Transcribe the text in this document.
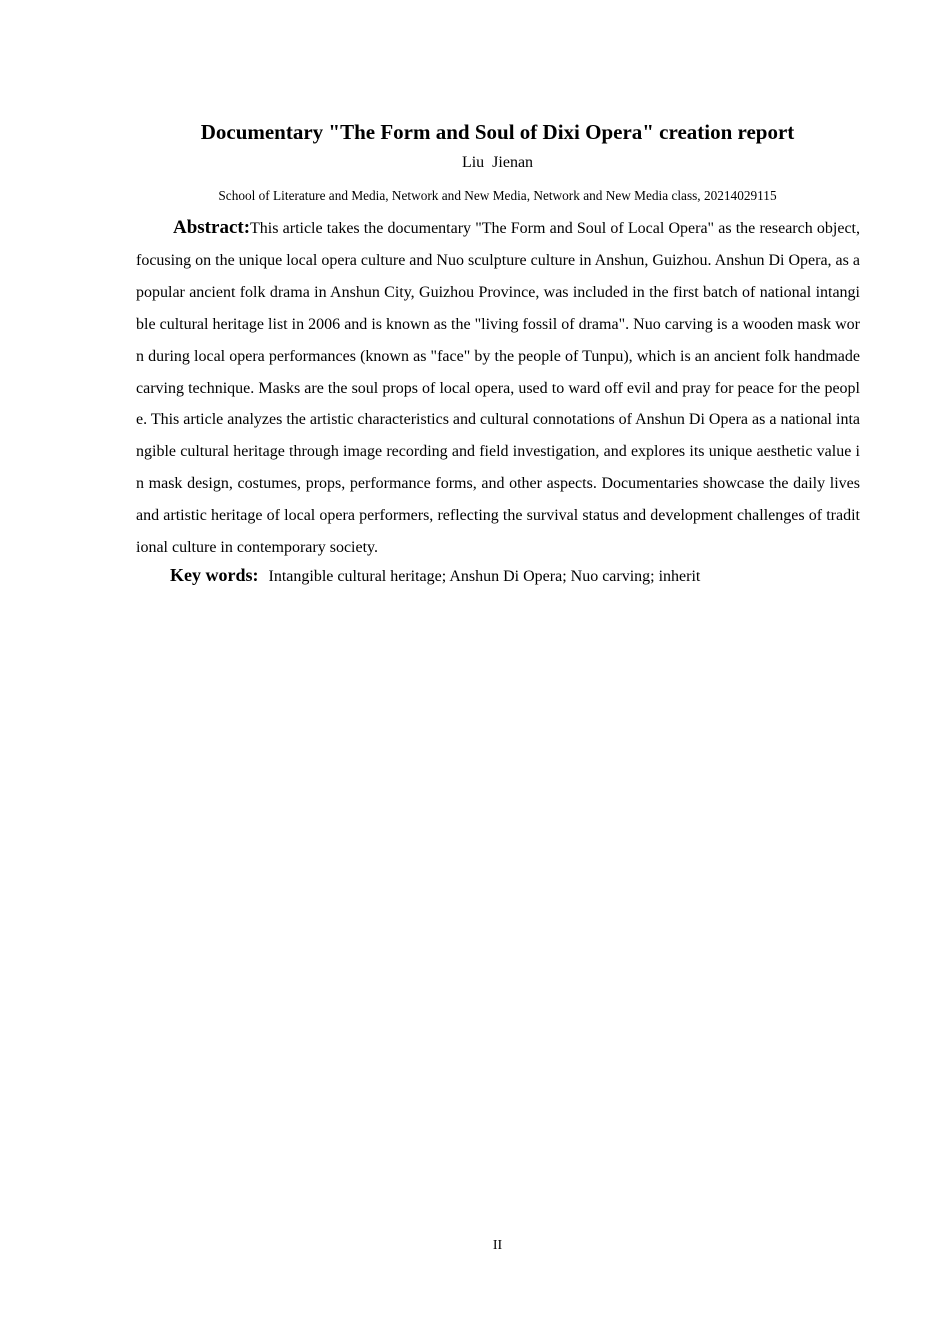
Documentary "The Form and Soul of Dixi Opera" creation report
Liu  Jienan
School of Literature and Media, Network and New Media, Network and New Media class, 20214029115

Abstract:This article takes the documentary "The Form and Soul of Local Opera" as the research object, focusing on the unique local opera culture and Nuo sculpture culture in Anshun, Guizhou. Anshun Di Opera, as a popular ancient folk drama in Anshun City, Guizhou Province, was included in the first batch of national intangible cultural heritage list in 2006 and is known as the "living fossil of drama". Nuo carving is a wooden mask worn during local opera performances (known as "face" by the people of Tunpu), which is an ancient folk handmade carving technique. Masks are the soul props of local opera, used to ward off evil and pray for peace for the people. This article analyzes the artistic characteristics and cultural connotations of Anshun Di Opera as a national intangible cultural heritage through image recording and field investigation, and explores its unique aesthetic value in mask design, costumes, props, performance forms, and other aspects. Documentaries showcase the daily lives and artistic heritage of local opera performers, reflecting the survival status and development challenges of traditional culture in contemporary society.

Key words: Intangible cultural heritage; Anshun Di Opera; Nuo carving; inherit
II
